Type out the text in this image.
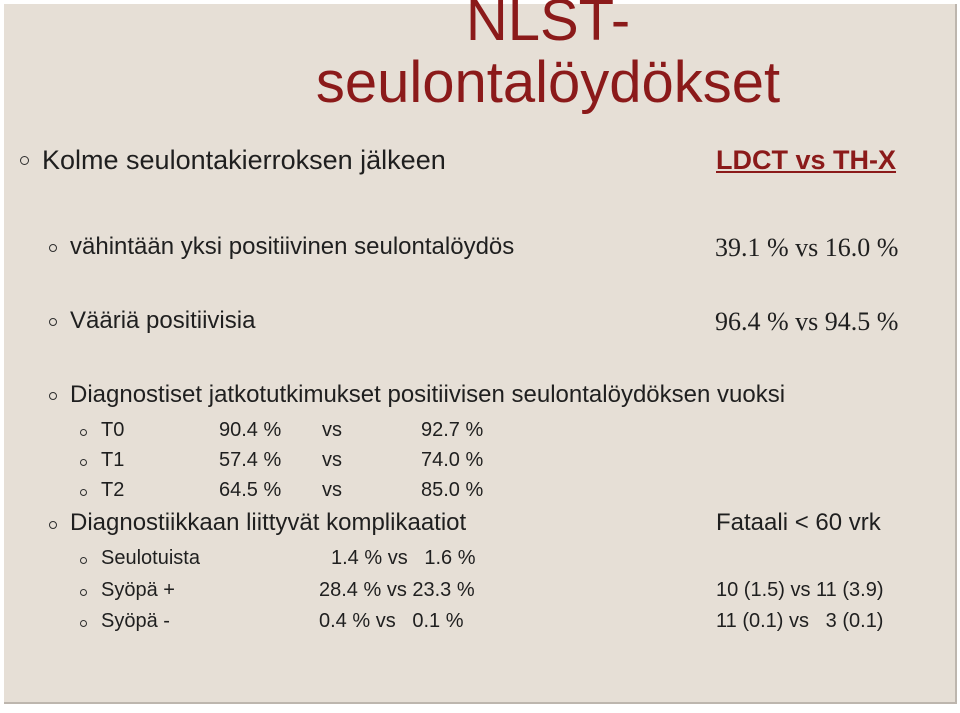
NLST-
seulontalöydökset
Kolme seulontakierroksen jälkeen	LDCT vs TH-X
vähintään yksi positiivinen seulontalöydös	39.1 % vs 16.0 %
Vääriä positiivisia	96.4 % vs 94.5 %
Diagnostiset jatkotutkimukset positiivisen seulontalöydöksen vuoksi
T0	90.4 % vs	92.7 %
T1	57.4 % vs	74.0 %
T2	64.5 % vs	85.0 %
Diagnostiikkaan liittyvät komplikaatiot	Fataali < 60 vrk
Seulotuista	1.4 % vs   1.6 %
Syöpä +	28.4 % vs 23.3 %	10 (1.5) vs 11 (3.9)
Syöpä -	0.4 % vs   0.1 %	11 (0.1) vs   3 (0.1)
